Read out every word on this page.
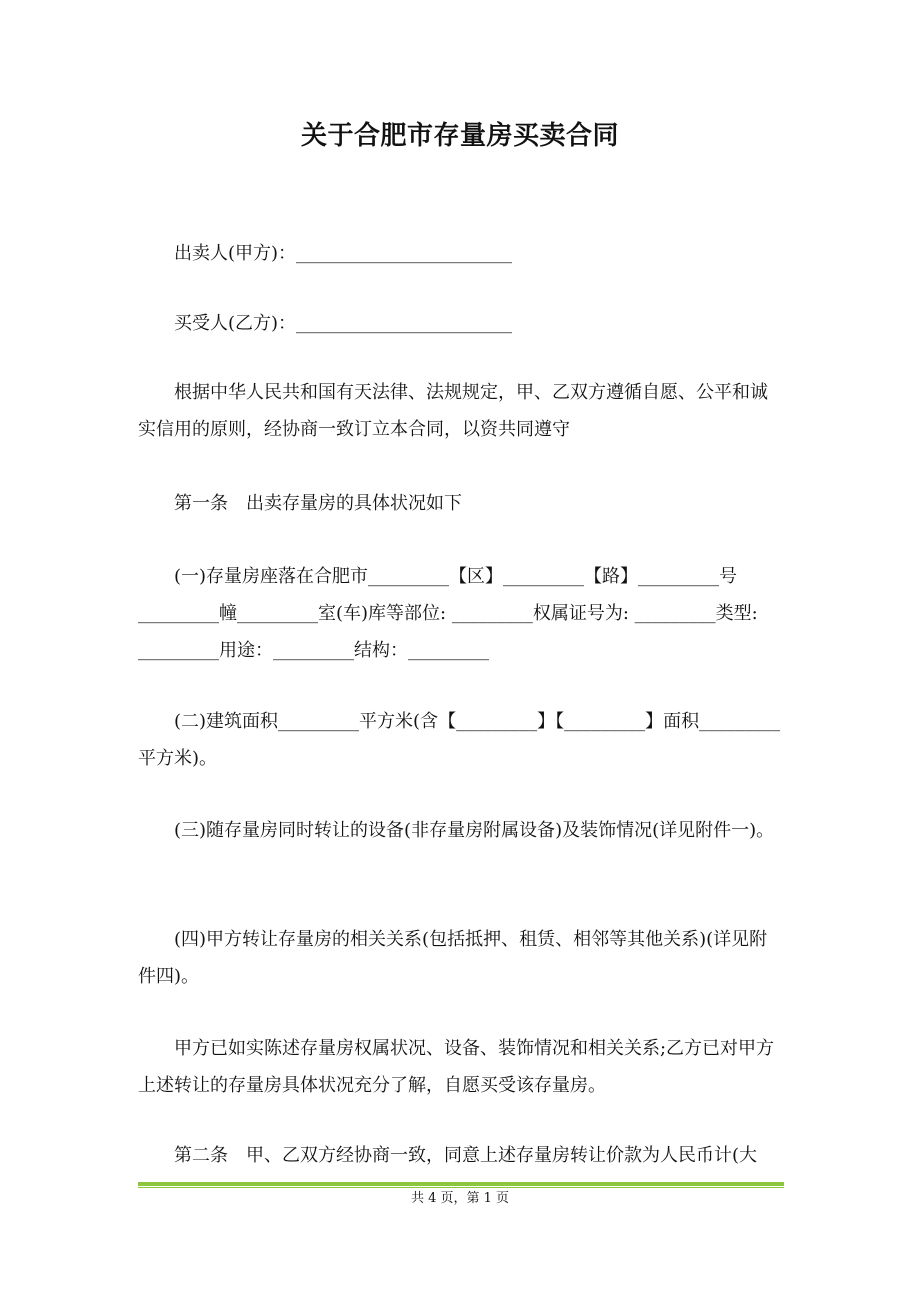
关于合肥市存量房买卖合同

出卖人(甲方)：________________________

买受人(乙方)：________________________

根据中华人民共和国有天法律、法规规定，甲、乙双方遵循自愿、公平和诚实信用的原则，经协商一致订立本合同，以资共同遵守

第一条　出卖存量房的具体状况如下

(一)存量房座落在合肥市_________【区】_________【路】_________号_________幢_________室(车)库等部位: _________权属证号为: _________类型: _________用途：_________结构：_________

(二)建筑面积_________平方米(含【_________】【_________】面积_________平方米)。

(三)随存量房同时转让的设备(非存量房附属设备)及装饰情况(详见附件一)。

(四)甲方转让存量房的相关关系(包括抵押、租赁、相邻等其他关系)(详见附件四)。

甲方已如实陈述存量房权属状况、设备、装饰情况和相关关系;乙方已对甲方上述转让的存量房具体状况充分了解，自愿买受该存量房。

第二条　甲、乙双方经协商一致，同意上述存量房转让价款为人民币计(大

共 4 页，第 1 页
